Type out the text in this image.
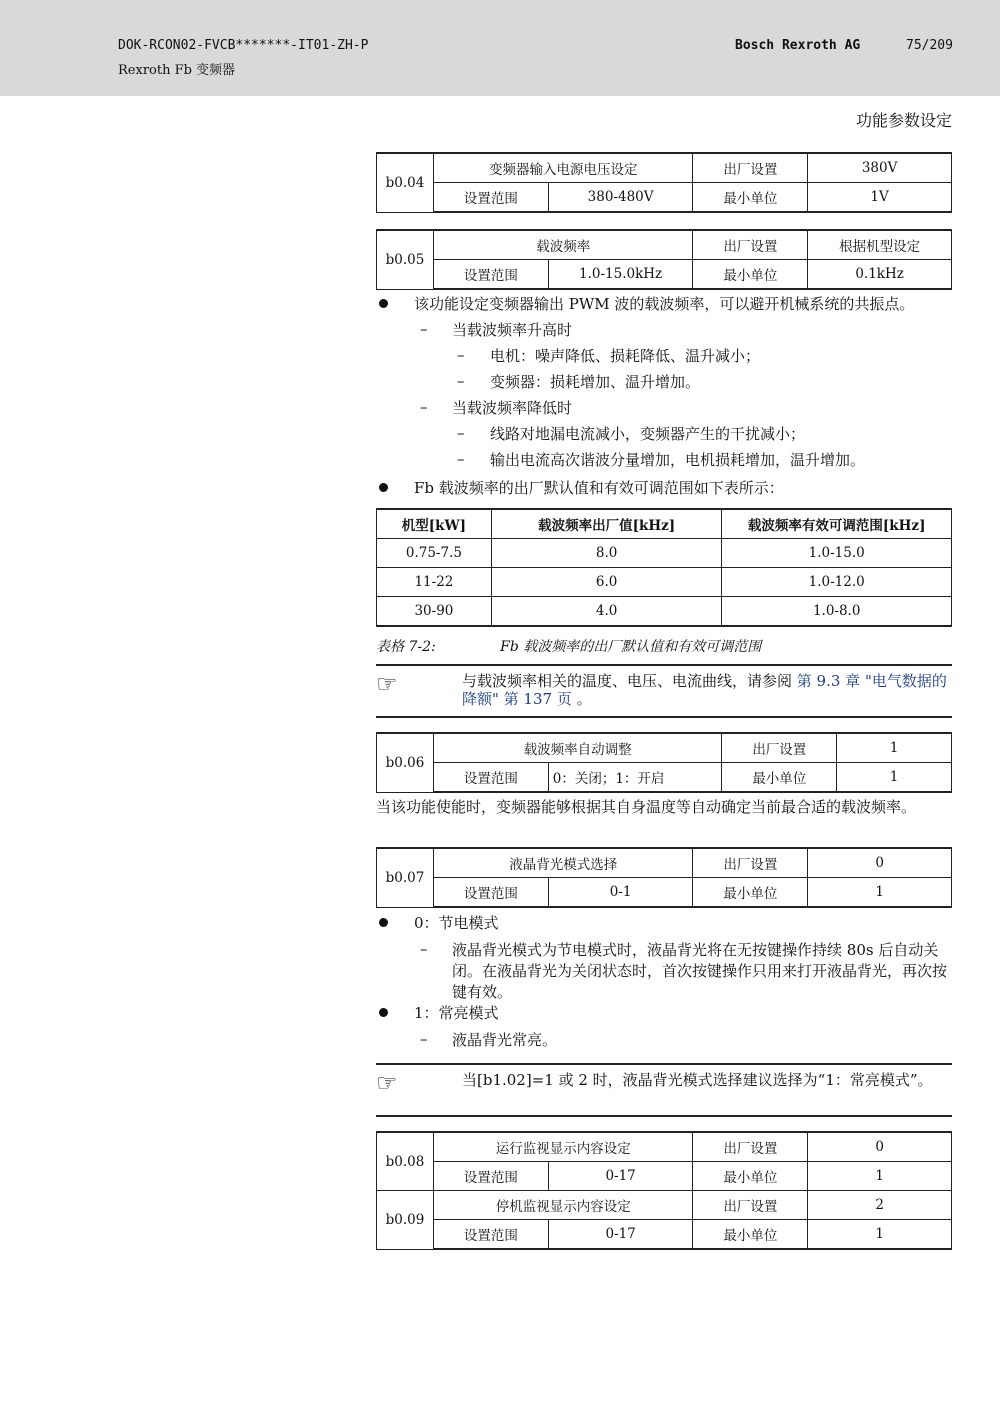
DOK-RCON02-FVCB*******-IT01-ZH-P
Rexroth Fb 变频器
Bosch Rexroth AG	75/209
功能参数设定
b0.04	变频器输入电源电压设定		出厂设置	380V
	设置范围	380-480V	最小单位	1V
b0.05	载波频率		出厂设置	根据机型设定
	设置范围	1.0-15.0kHz	最小单位	0.1kHz
该功能设定变频器输出 PWM 波的载波频率，可以避开机械系统的共振点。
– 当载波频率升高时
– 电机：噪声降低、损耗降低、温升减小；
– 变频器：损耗增加、温升增加。
– 当载波频率降低时
– 线路对地漏电流减小，变频器产生的干扰减小；
– 输出电流高次谐波分量增加，电机损耗增加，温升增加。
Fb 载波频率的出厂默认值和有效可调范围如下表所示：
机型[kW]	载波频率出厂值[kHz]	载波频率有效可调范围[kHz]
0.75-7.5	8.0	1.0-15.0
11-22	6.0	1.0-12.0
30-90	4.0	1.0-8.0
表格 7-2:	Fb 载波频率的出厂默认值和有效可调范围
☞	与载波频率相关的温度、电压、电流曲线，请参阅 第 9.3 章 "电气数据的降额" 第 137 页 。
b0.06	载波频率自动调整		出厂设置	1
	设置范围	0：关闭；1：开启	最小单位	1
当该功能使能时，变频器能够根据其自身温度等自动确定当前最合适的载波频率。
b0.07	液晶背光模式选择		出厂设置	0
	设置范围	0-1	最小单位	1
0：节电模式
– 液晶背光模式为节电模式时，液晶背光将在无按键操作持续 80s 后自动关闭。在液晶背光为关闭状态时，首次按键操作只用来打开液晶背光，再次按键有效。
1：常亮模式
– 液晶背光常亮。
☞	当[b1.02]=1 或 2 时，液晶背光模式选择建议选择为“1：常亮模式”。
b0.08	运行监视显示内容设定		出厂设置	0
	设置范围	0-17	最小单位	1
b0.09	停机监视显示内容设定		出厂设置	2
	设置范围	0-17	最小单位	1
